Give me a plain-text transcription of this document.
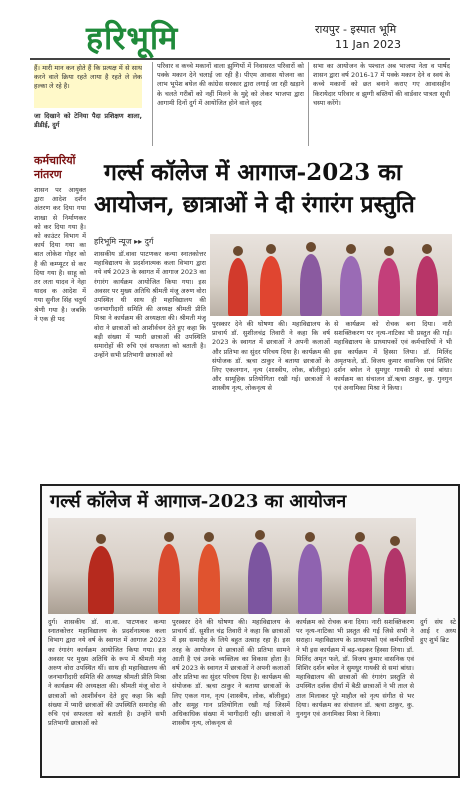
हरिभूमि	रायपुर - इस्पात भूमि
11 Jan 2023
हैं। मारी मान कन होते हैं कि प्रत्यक्ष में से साथ करने वाले क्रिया रहते लाया है रहते ले लेक हल्का ले रहे है।
जा दिखाने को टेनिया पैदा प्रशिक्षण शाला, डीडीई, दुर्ग
परिवार व कच्चे मकानों वाला झुग्गियों में निवासरत परिवारों को पक्के मकान देने चलाई जा रही है। पीएम आवास योजना का लाभ भूपेश बघेल की कांग्रेस सरकार द्वारा लगाई जा रही खड़ाने के चलते गरीबों को नहीं मिलने के मुद्दे को लेकर भाजपा द्वारा आगामी दिनों दुर्ग में आयोजित होने वाले वृहद
सभा का आयोजन के पश्चात अब भाजपा नेता व पार्षद शासन द्वारा वर्ष 2016-17 में पक्के मकान देने व स्वयं के कच्चे मकानों को छत बनाने कराए गए आवासहीन किरायेदार परिवार व झुग्गी बस्तियों की वार्डवार पात्रता सूची चस्पा करेंगे।
कर्मचारियों
नांतरण
शासन पर आयुक्त द्वारा आदेश दर्शन अंतरण कर दिया गया शाखा से निर्माणकर को कर दिया गया है। को काउंटर विभाग में कार्य दिया गया का बात लोकेश गोहर को है की कम्प्यूटर से कर दिया गया है। साहू को तर लता यादव ने नेहा यादव क आदेश में गया सुनील सिंह चतुर्थ श्रेणी गया है। जबकि ने एक ही पद
गर्ल्स कॉलेज में आगाज-2023 का
आयोजन, छात्राओं ने दी रंगारंग प्रस्तुति
हरिभूमि न्यूज ▸▸ दुर्ग
शासकीय डॉ.वावा पाटणकर कन्या स्नातकोत्तर महाविद्यालय के प्रदर्शनात्मक कला विभाग द्वारा नये वर्ष 2023 के स्वागत में आगाज 2023 का रंगारंग कार्यक्रम आयोजित किया गया। इस अवसर पर मुख्य अतिथि श्रीमती मंजू अरुण वोरा उपस्थित थी साथ ही महाविद्यालय की जनभागीदारी समिति की अध्यक्ष श्रीमती प्रीति मिश्रा ने कार्यक्रम की अध्यक्षता की। श्रीमती मंजू वोरा ने छात्राओं को आशीर्वचन देते हुए कहा कि बड़ी संख्या में प्यारी छात्राओं की उपस्थिति समारोहों की रुचि एवं सफलता को बताती है। उन्होंने सभी प्रतिभागी छात्राओं को
पुरस्कार देने की घोषणा की। महाविद्यालय के प्राचार्य डॉ. सुशीलचंद्र तिवारी ने कहा कि वर्ष 2023 के स्वागत में छात्राओं ने अपनी कलाओं और प्रतिभा का सुंदर परिचय दिया है। कार्यक्रम की संयोजक डॉ. ऋचा ठाकुर ने बताया छात्राओं के लिए एकलगान, नृत्य (शास्त्रीय, लोक, बॉलीवुड) और सामूहिक प्रतियोगिता रखी गई। छात्राओं ने शास्त्रीय नृत्य, लोकनृत्य से
से कार्यक्रम को रोचक बना दिया। नारी सशक्तिकरण पर नृत्य-नाटिका भी प्रस्तुत की गई।महाविद्यालय के प्राध्यापकों एवं कर्मचारियों ने भी इस कार्यक्रम में हिस्सा लिया। डॉ. मिलिंद अमृतफले, डॉ. विजय कुमार वासनिक एवं शिशिर दर्शन बघेल ने सुमधुर गायकी से समां बांधा। कार्यक्रम का संचालन डॉ.ऋचा ठाकुर, कु. गुनगुन एवं अनामिका मिश्रा ने किया।
गर्ल्स कॉलेज में आगाज-2023 का आयोजन
दुर्ग। शासकीय डॉ. वा.वा. पाटणकर कन्या स्नातकोत्तर महाविद्यालय के प्रदर्शनात्मक कला विभाग द्वारा नये वर्ष के स्वागत में आगाज 2023 का रंगारंग कार्यक्रम आयोजित किया गया। इस अवसर पर मुख्य अतिथि के रूप में श्रीमती मंजू अरुण वोरा उपस्थित थीं। साथ ही महाविद्यालय की जनभागीदारी समिति की अध्यक्ष श्रीमती प्रीति मिश्रा ने कार्यक्रम की अध्यक्षता की। श्रीमती मंजू वोरा ने छात्राओं को आशीर्वचन देते हुए कहा कि बड़ी संख्या में प्यारी छात्राओं की उपस्थिति समारोह की रुचि एवं सफलता को बताती है। उन्होंने सभी प्रतिभागी छात्राओं को
पुरस्कार देने की घोषणा की। महाविद्यालय के प्राचार्य डॉ. सुशील चंद्र तिवारी ने कहा कि छात्राओं में इस समारोह के लिये बहुत उत्साह रहा है। इस तरह के आयोजन से छात्राओं की प्रतिभा सामने आती है एवं उनके व्यक्तित्व का विकास होता है। वर्ष 2023 के स्वागत में छात्राओं ने अपनी कलाओं और प्रतिभा का सुंदर परिचय दिया है। कार्यक्रम की संयोजक डॉ. ऋचा ठाकुर ने बताया छात्राओं के लिए एकल गान, नृत्य (शास्त्रीय, लोक, बॉलीवुड) और समूह गान प्रतियोगिता रखी गई जिसमें अधिकाधिक संख्या में भागीदारी रही। छात्राओं ने शास्त्रीय नृत्य, लोकनृत्य से
कार्यक्रम को रोचक बना दिया। नारी सशक्तिकरण पर नृत्य-नाटिका भी प्रस्तुत की गई जिसे सभी ने सराहा। महाविद्यालय के प्राध्यापकों एवं कर्मचारियों ने भी इस कार्यक्रम में बढ़-चढ़कर हिस्सा लिया। डॉ. मिलिंद अमृत फले, डॉ. विजय कुमार वासनिक एवं शिशिर दर्शन बघेल ने सुमधुर गायकी से समां बांधा। महाविद्यालय की छात्राओं की रंगारंग प्रस्तुति से उपस्थित दर्शक दीर्घा में बैठी छात्राओं ने भी ताल से ताल मिलाकर पूरे माहौल को नृत्य संगीत से भर दिया। कार्यक्रम का संचालन डॉ. ऋचा ठाकुर, कु. गुनगुन एवं अनामिका मिश्रा ने किया।
दुर्ग संघ स्टे आई र अध्य हुए शुर्भ ब्रिट
